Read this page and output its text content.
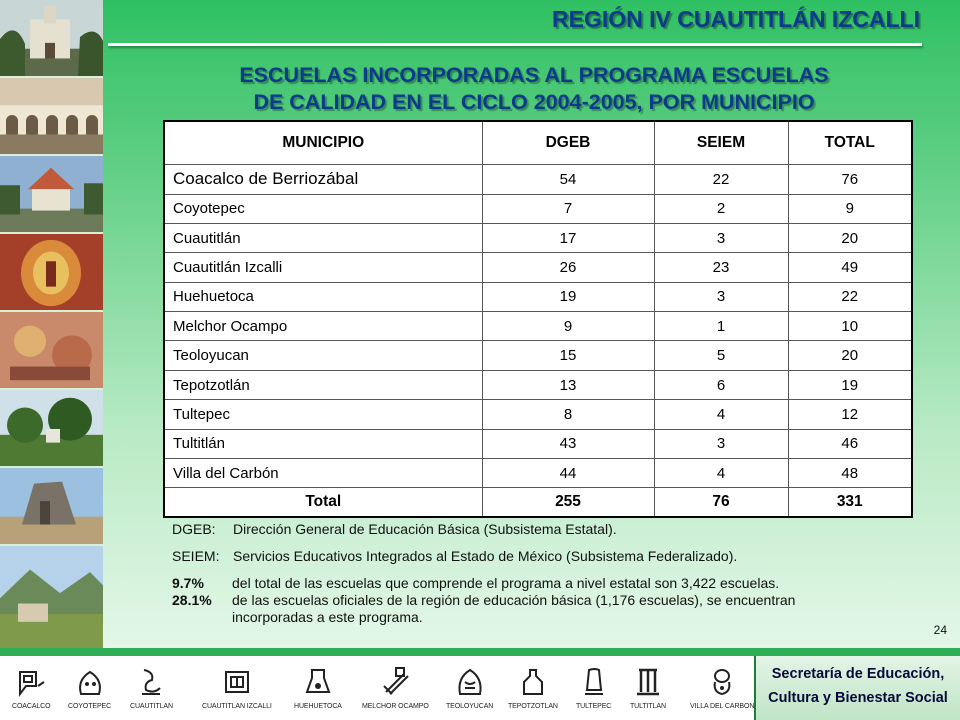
REGIÓN IV CUAUTITLÁN IZCALLI
ESCUELAS INCORPORADAS AL PROGRAMA ESCUELAS
DE CALIDAD EN EL CICLO 2004-2005, POR MUNICIPIO
MUNICIPIO	DGEB	SEIEM	TOTAL
Coacalco de Berriozábal	54	22	76
Coyotepec	7	2	9
Cuautitlán	17	3	20
Cuautitlán Izcalli	26	23	49
Huehuetoca	19	3	22
Melchor Ocampo	9	1	10
Teoloyucan	15	5	20
Tepotzotlán	13	6	19
Tultepec	8	4	12
Tultitlán	43	3	46
Villa del Carbón	44	4	48
Total	255	76	331
DGEB:	Dirección General de Educación Básica (Subsistema Estatal).
SEIEM: Servicios Educativos Integrados al Estado de México (Subsistema Federalizado).
9.7%	del total de las escuelas que comprende el programa a nivel estatal son 3,422 escuelas.
28.1%	de las escuelas oficiales de la región de educación básica (1,176 escuelas), se encuentran
incorporadas a este programa.
24
COACALCO	COYOTEPEC	CUAUTITLAN	CUAUTITLAN IZCALLI	HUEHUETOCA	MELCHOR OCAMPO TEOLOYUCAN TEPOTZOTLAN	TULTEPEC	TULTITLAN	VILLA DEL CARBON
Secretaría de Educación,
Cultura y Bienestar Social
